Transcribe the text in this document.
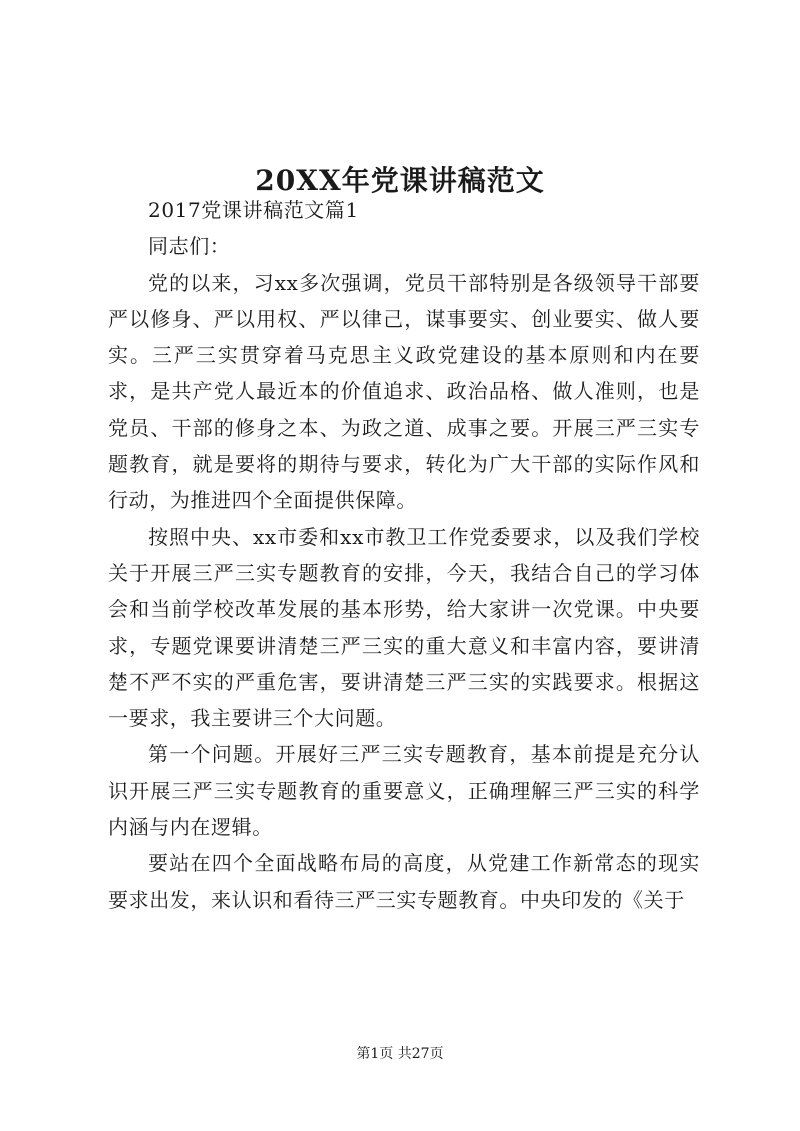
20XX年党课讲稿范文

2017党课讲稿范文篇1

同志们：

党的以来，习xx多次强调，党员干部特别是各级领导干部要严以修身、严以用权、严以律己，谋事要实、创业要实、做人要实。三严三实贯穿着马克思主义政党建设的基本原则和内在要求，是共产党人最近本的价值追求、政治品格、做人准则，也是党员、干部的修身之本、为政之道、成事之要。开展三严三实专题教育，就是要将的期待与要求，转化为广大干部的实际作风和行动，为推进四个全面提供保障。

按照中央、xx市委和xx市教卫工作党委要求，以及我们学校关于开展三严三实专题教育的安排，今天，我结合自己的学习体会和当前学校改革发展的基本形势，给大家讲一次党课。中央要求，专题党课要讲清楚三严三实的重大意义和丰富内容，要讲清楚不严不实的严重危害，要讲清楚三严三实的实践要求。根据这一要求，我主要讲三个大问题。

第一个问题。开展好三严三实专题教育，基本前提是充分认识开展三严三实专题教育的重要意义，正确理解三严三实的科学内涵与内在逻辑。

要站在四个全面战略布局的高度，从党建工作新常态的现实要求出发，来认识和看待三严三实专题教育。中央印发的《关于

第1页 共27页
